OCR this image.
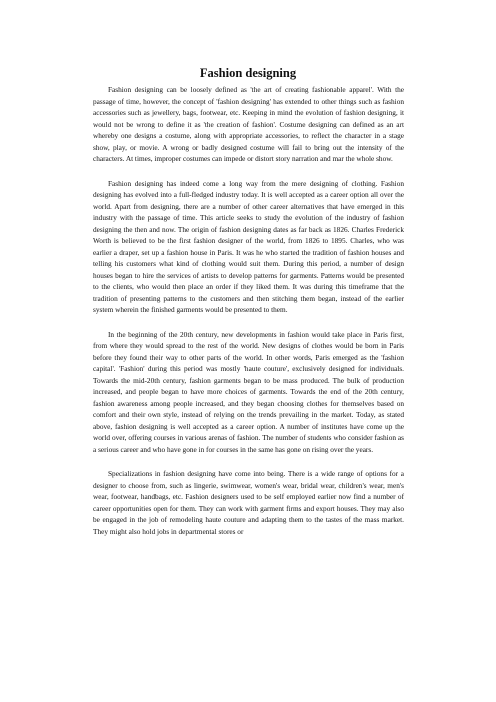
Fashion designing

Fashion designing can be loosely defined as 'the art of creating fashionable apparel'. With the passage of time, however, the concept of 'fashion designing' has extended to other things such as fashion accessories such as jewellery, bags, footwear, etc. Keeping in mind the evolution of fashion designing, it would not be wrong to define it as 'the creation of fashion'. Costume designing can defined as an art whereby one designs a costume, along with appropriate accessories, to reflect the character in a stage show, play, or movie. A wrong or badly designed costume will fail to bring out the intensity of the characters. At times, improper costumes can impede or distort story narration and mar the whole show.

Fashion designing has indeed come a long way from the mere designing of clothing. Fashion designing has evolved into a full-fledged industry today. It is well accepted as a career option all over the world. Apart from designing, there are a number of other career alternatives that have emerged in this industry with the passage of time. This article seeks to study the evolution of the industry of fashion designing the then and now. The origin of fashion designing dates as far back as 1826. Charles Frederick Worth is believed to be the first fashion designer of the world, from 1826 to 1895. Charles, who was earlier a draper, set up a fashion house in Paris. It was he who started the tradition of fashion houses and telling his customers what kind of clothing would suit them. During this period, a number of design houses began to hire the services of artists to develop patterns for garments. Patterns would be presented to the clients, who would then place an order if they liked them. It was during this timeframe that the tradition of presenting patterns to the customers and then stitching them began, instead of the earlier system wherein the finished garments would be presented to them.

In the beginning of the 20th century, new developments in fashion would take place in Paris first, from where they would spread to the rest of the world. New designs of clothes would be born in Paris before they found their way to other parts of the world. In other words, Paris emerged as the 'fashion capital'. 'Fashion' during this period was mostly 'haute couture', exclusively designed for individuals. Towards the mid-20th century, fashion garments began to be mass produced. The bulk of production increased, and people began to have more choices of garments. Towards the end of the 20th century, fashion awareness among people increased, and they began choosing clothes for themselves based on comfort and their own style, instead of relying on the trends prevailing in the market. Today, as stated above, fashion designing is well accepted as a career option. A number of institutes have come up the world over, offering courses in various arenas of fashion. The number of students who consider fashion as a serious career and who have gone in for courses in the same has gone on rising over the years.

Specializations in fashion designing have come into being. There is a wide range of options for a designer to choose from, such as lingerie, swimwear, women's wear, bridal wear, children's wear, men's wear, footwear, handbags, etc. Fashion designers used to be self employed earlier now find a number of career opportunities open for them. They can work with garment firms and export houses. They may also be engaged in the job of remodeling haute couture and adapting them to the tastes of the mass market. They might also hold jobs in departmental stores or
